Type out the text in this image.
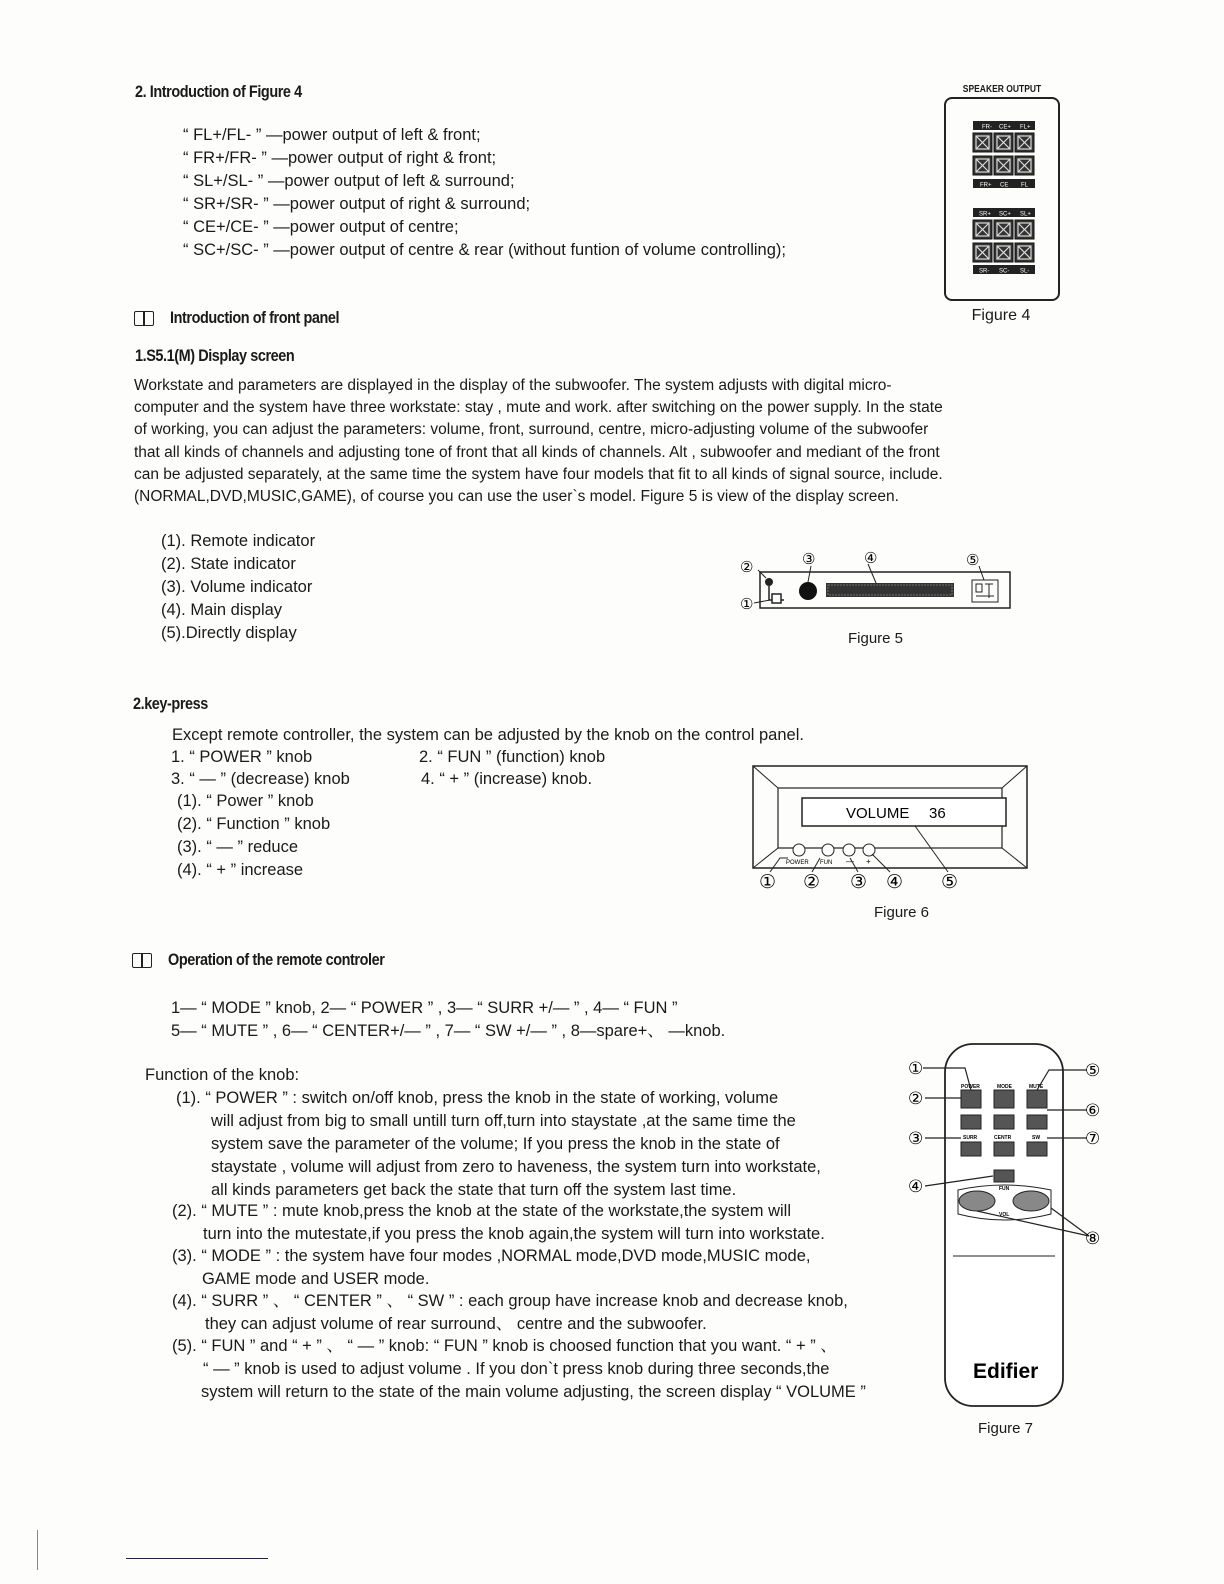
2. Introduction of Figure 4
“ FL+/FL- ” —power output of left & front;
“ FR+/FR- ” —power output of right & front;
“ SL+/SL- ” —power output of left & surround;
“ SR+/SR- ” —power output of right & surround;
“ CE+/CE- ” —power output of centre;
“ SC+/SC- ” —power output of centre & rear (without funtion of volume controlling);
SPEAKER OUTPUT
FR- CE+ FL+
FR+ CE FL
SR+ SC+ SL+
SR- SC- SL-
Figure 4
Introduction of front panel
1.S5.1(M) Display screen
Workstate and parameters are displayed in the display of the subwoofer. The system adjusts with digital micro-
computer and the system have three workstate: stay , mute and work. after switching on the power supply. In the state
of working, you can adjust the parameters: volume, front, surround, centre, micro-adjusting volume of the subwoofer
that all kinds of channels and adjusting tone of front that all kinds of channels. Alt , subwoofer and mediant of the front
can be adjusted separately, at the same time the system have four models that fit to all kinds of signal source, include.
(NORMAL,DVD,MUSIC,GAME), of course you can use the user`s model. Figure 5 is view of the display screen.
(1). Remote indicator
(2). State indicator
(3). Volume indicator
(4). Main display
(5).Directly display
①
②	③	④	⑤
Figure 5
2.key-press
Except remote controller, the system can be adjusted by the knob on the control panel.
1. “ POWER ” knob	2. “ FUN ” (function) knob
3. “ — ” (decrease) knob	4. “ + ” (increase) knob.
(1). “ Power ” knob
(2). “ Function ” knob
(3). “ — ” reduce
(4). “ + ” increase
VOLUME 36
POWER FUN — +
① ② ③ ④ ⑤
Figure 6
Operation of the remote controler
1— “ MODE ” knob, 2— “ POWER ” , 3— “ SURR +/— ” , 4— “ FUN ”
5— “ MUTE ” , 6— “ CENTER+/— ” , 7— “ SW +/— ” , 8—spare+、 —knob.
Function of the knob:
(1). “ POWER ” : switch on/off knob, press the knob in the state of working, volume
will adjust from big to small untill turn off,turn into staystate ,at the same time the
system save the parameter of the volume; If you press the knob in the state of
staystate , volume will adjust from zero to haveness, the system turn into workstate,
all kinds parameters get back the state that turn off the system last time.
(2). “ MUTE ” : mute knob,press the knob at the state of the workstate,the system will
turn into the mutestate,if you press the knob again,the system will turn into workstate.
(3). “ MODE ” : the system have four modes ,NORMAL mode,DVD mode,MUSIC mode,
GAME mode and USER mode.
(4). “ SURR ” 、 “ CENTER ” 、 “ SW ” : each group have increase knob and decrease knob,
they can adjust volume of rear surround、 centre and the subwoofer.
(5). “ FUN ” and “ + ” 、 “ — ” knob: “ FUN ” knob is choosed function that you want. “ + ” 、
“ — ” knob is used to adjust volume . If you don`t press knob during three seconds,the
system will return to the state of the main volume adjusting, the screen display “ VOLUME ”
POWER	MODE	MUTE
SURR	CENTR	SW
FUN
VOL
①
②
③
④
⑤
⑥
⑦
⑧
Edifier
Figure 7
